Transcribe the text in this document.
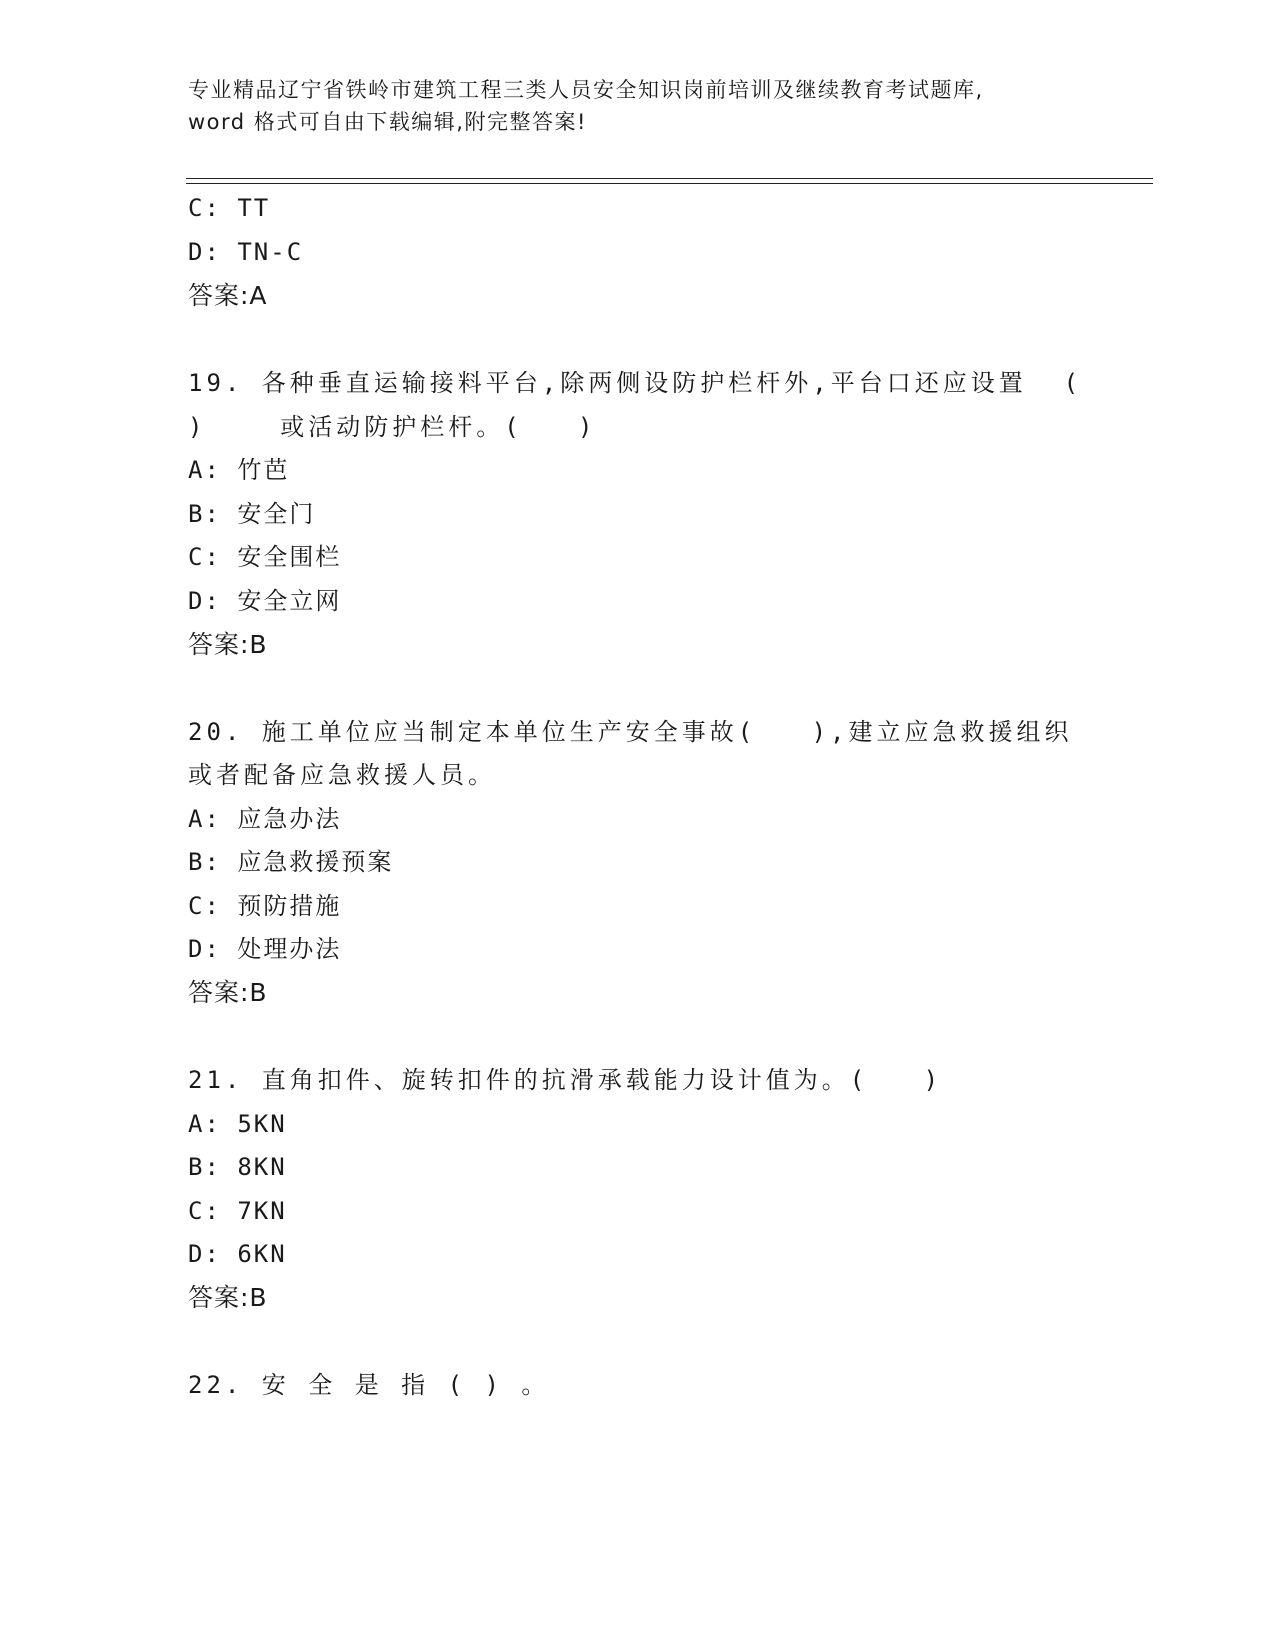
专业精品辽宁省铁岭市建筑工程三类人员安全知识岗前培训及继续教育考试题库,
word 格式可自由下载编辑,附完整答案!
C: TT
D: TN-C
答案:A
19. 各种垂直运输接料平台,除两侧设防护栏杆外,平台口还应设置  (
)    或活动防护栏杆。(   )
A: 竹芭
B: 安全门
C: 安全围栏
D: 安全立网
答案:B
20. 施工单位应当制定本单位生产安全事故(   ),建立应急救援组织
或者配备应急救援人员。
A: 应急办法
B: 应急救援预案
C: 预防措施
D: 处理办法
答案:B
21. 直角扣件、旋转扣件的抗滑承载能力设计值为。(   )
A: 5KN
B: 8KN
C: 7KN
D: 6KN
答案:B
22. 安 全 是 指 ( ) 。
